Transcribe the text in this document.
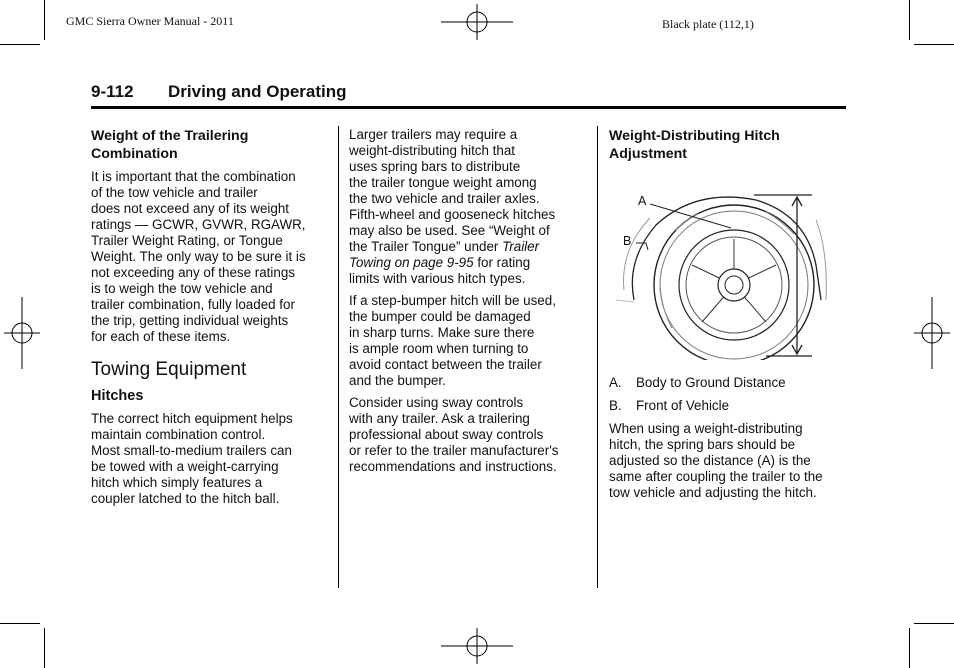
GMC Sierra Owner Manual - 2011	Black plate (112,1)
9-112 Driving and Operating
Weight of the Trailering Combination

It is important that the combination
of the tow vehicle and trailer
does not exceed any of its weight
ratings — GCWR, GVWR, RGAWR,
Trailer Weight Rating, or Tongue
Weight. The only way to be sure it is
not exceeding any of these ratings
is to weigh the tow vehicle and
trailer combination, fully loaded for
the trip, getting individual weights
for each of these items.

Towing Equipment
Hitches

The correct hitch equipment helps
maintain combination control.
Most small-to-medium trailers can
be towed with a weight-carrying
hitch which simply features a
coupler latched to the hitch ball.

Larger trailers may require a
weight-distributing hitch that
uses spring bars to distribute
the trailer tongue weight among
the two vehicle and trailer axles.
Fifth-wheel and gooseneck hitches
may also be used. See “Weight of
the Trailer Tongue” under Trailer
Towing on page 9-95 for rating
limits with various hitch types.

If a step-bumper hitch will be used,
the bumper could be damaged
in sharp turns. Make sure there
is ample room when turning to
avoid contact between the trailer
and the bumper.

Consider using sway controls
with any trailer. Ask a trailering
professional about sway controls
or refer to the trailer manufacturer's
recommendations and instructions.

Weight-Distributing Hitch Adjustment
A
B
A.	Body to Ground Distance
B.	Front of Vehicle

When using a weight-distributing
hitch, the spring bars should be
adjusted so the distance (A) is the
same after coupling the trailer to the
tow vehicle and adjusting the hitch.
